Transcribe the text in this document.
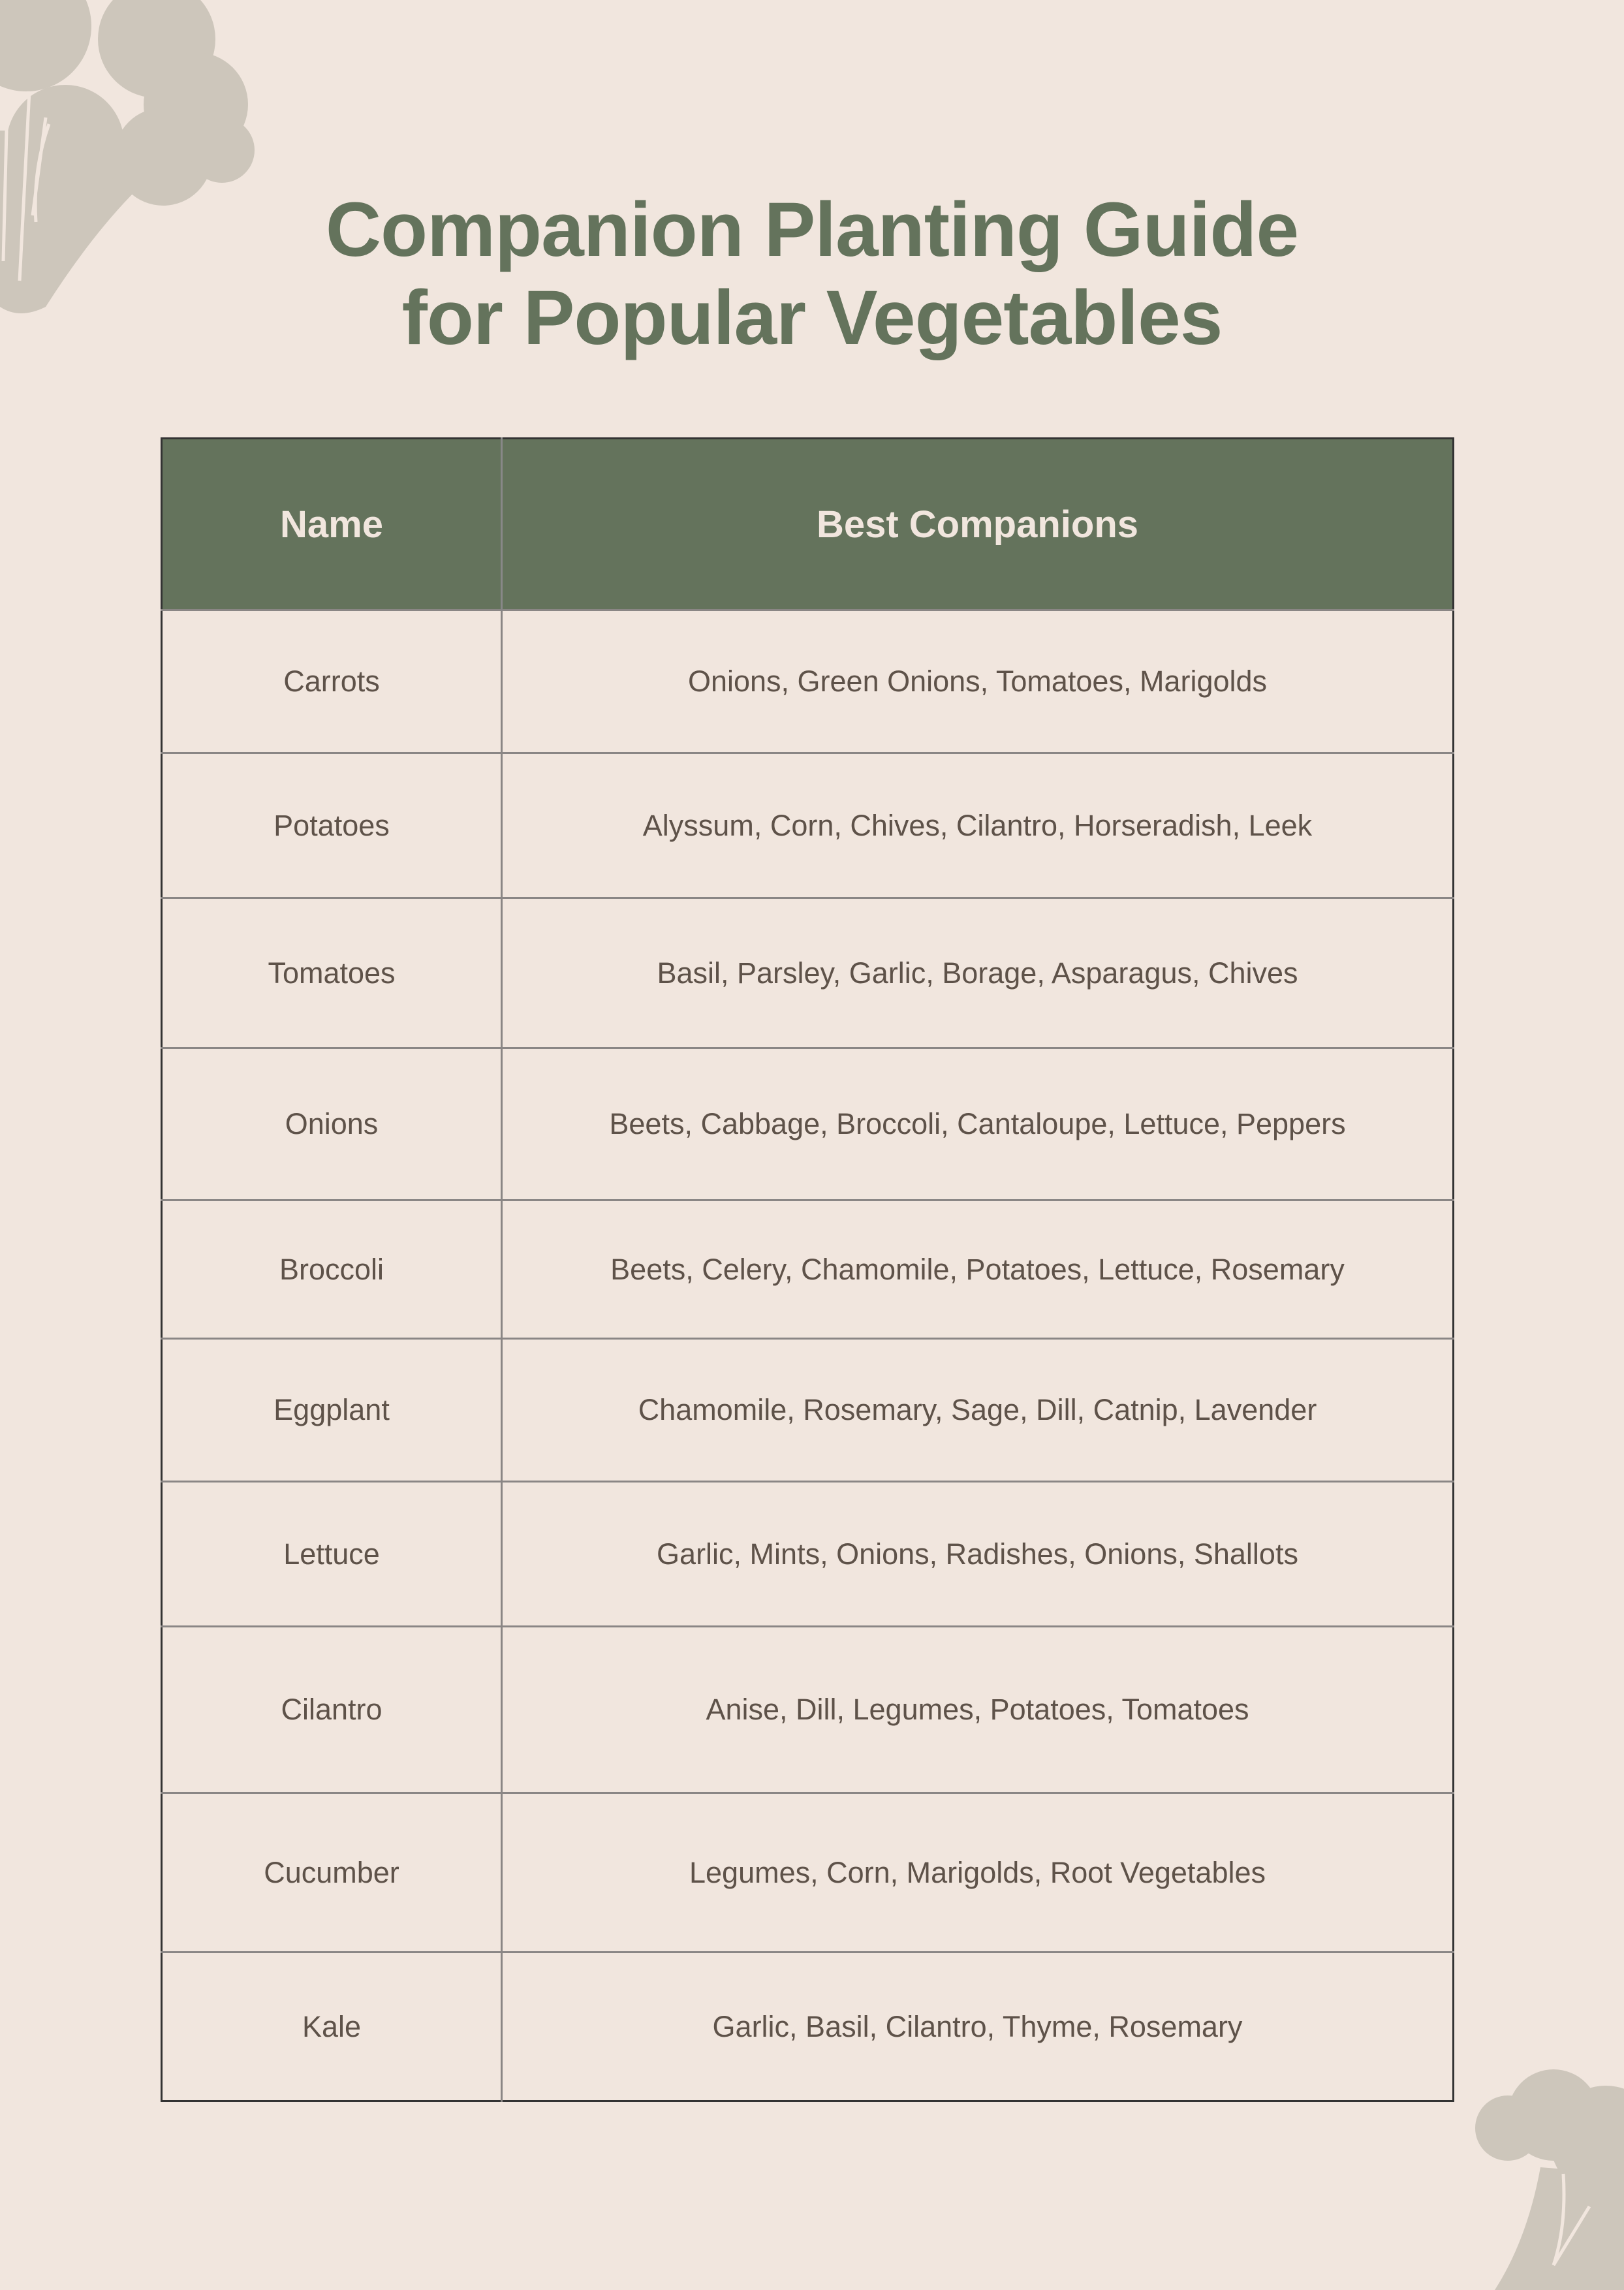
Companion Planting Guide
for Popular Vegetables
Name	Best Companions
Carrots	Onions, Green Onions, Tomatoes, Marigolds
Potatoes	Alyssum, Corn, Chives, Cilantro, Horseradish, Leek
Tomatoes	Basil, Parsley, Garlic, Borage, Asparagus, Chives
Onions	Beets, Cabbage, Broccoli, Cantaloupe, Lettuce, Peppers
Broccoli	Beets, Celery, Chamomile, Potatoes, Lettuce, Rosemary
Eggplant	Chamomile, Rosemary, Sage, Dill, Catnip, Lavender
Lettuce	Garlic, Mints, Onions, Radishes, Onions, Shallots
Cilantro	Anise, Dill, Legumes, Potatoes, Tomatoes
Cucumber	Legumes, Corn, Marigolds, Root Vegetables
Kale	Garlic, Basil, Cilantro, Thyme, Rosemary
